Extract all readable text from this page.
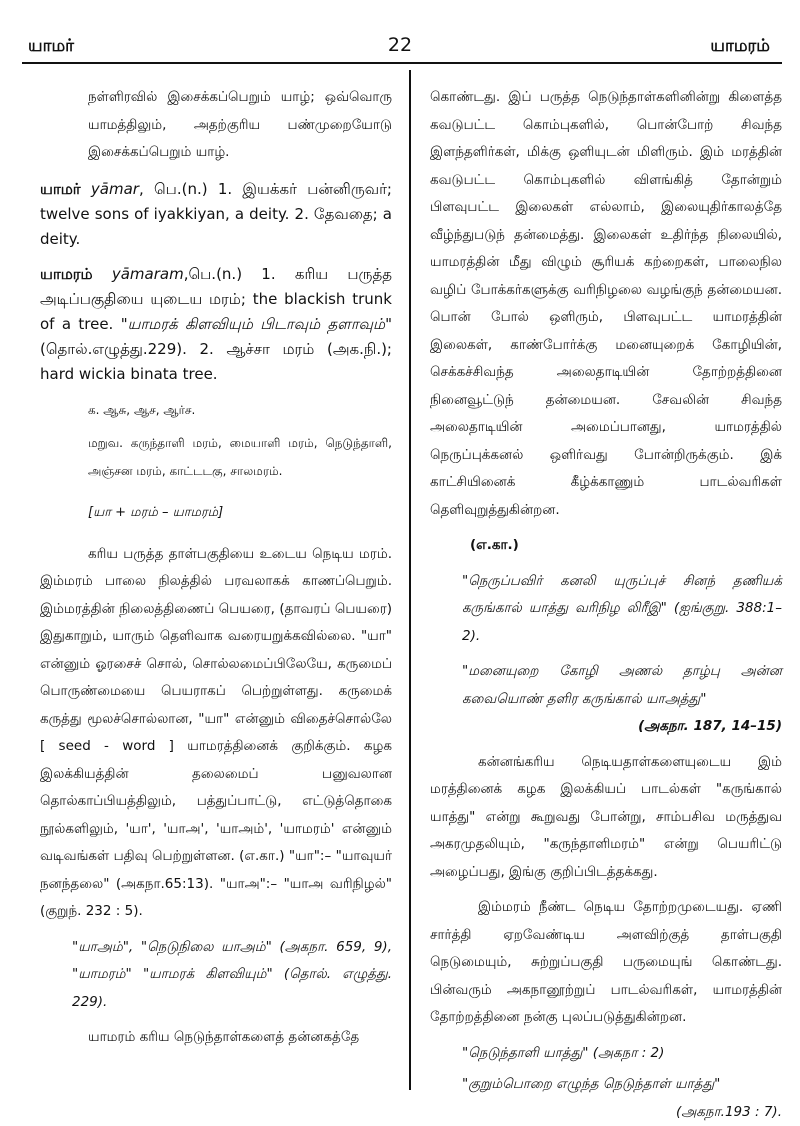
யாமர்	22	யாமரம்

நள்ளிரவில் இசைக்கப்பெறும் யாழ்; ஒவ்வொரு யாமத்திலும், அதற்குரிய பண்முறையோடு இசைக்கப்பெறும் யாழ்.

யாமர் yāmar, பெ.(n.) 1. இயக்கர் பன்னிருவர்; twelve sons of iyakkiyan, a deity. 2. தேவதை; a deity.

யாமரம் yāmaram,பெ.(n.) 1. கரிய பருத்த அடிப்பகுதியை யுடைய மரம்; the blackish trunk of a tree. "யாமரக் கிளவியும் பிடாவும் தளாவும்" (தொல்.எழுத்து.229). 2. ஆச்சா மரம் (அக.நி.); hard wickia binata tree.

க. ஆசு, ஆச, ஆர்ச.

மறுவ. கருந்தாளி மரம், மையாளி மரம், நெடுந்தாளி, அஞ்சன மரம், காட்டடகு, சாலமரம்.

[யா + மரம் – யாமரம்]

கரிய பருத்த தாள்பகுதியை உடைய நெடிய மரம். இம்மரம் பாலை நிலத்தில் பரவலாகக் காணப்பெறும். இம்மரத்தின் நிலைத்திணைப் பெயரை, (தாவரப் பெயரை) இதுகாறும், யாரும் தெளிவாக வரையறுக்கவில்லை. "யா" என்னும் ஓரசைச் சொல், சொல்லமைப்பிலேயே, கருமைப் பொருண்மையை பெயராகப் பெற்றுள்ளது. கருமைக் கருத்து மூலச்சொல்லான, "யா" என்னும் விதைச்சொல்லே [ seed - word ] யாமரத்தினைக் குறிக்கும். கழக இலக்கியத்தின் தலைமைப் பனுவலான தொல்காப்பியத்திலும், பத்துப்பாட்டு, எட்டுத்தொகை நூல்களிலும், 'யா', 'யாஅ', 'யாஅம்', 'யாமரம்' என்னும் வடிவங்கள் பதிவு பெற்றுள்ளன. (எ.கா.) "யா":– "யாவுயர் நனந்தலை" (அகநா.65:13). "யாஅ":– "யாஅ வரிநிழல்" (குறுந். 232 : 5).

"யாஅம்", "நெடுநிலை யாஅம்" (அகநா. 659, 9), "யாமரம்" "யாமரக் கிளவியும்" (தொல். எழுத்து. 229).

யாமரம் கரிய நெடுந்தாள்களைத் தன்னகத்தே

கொண்டது. இப் பருத்த நெடுந்தாள்களினின்று கிளைத்த கவடுபட்ட கொம்புகளில், பொன்போற் சிவந்த இளந்தளிர்கள், மிக்கு ஒளியுடன் மிளிரும். இம் மரத்தின் கவடுபட்ட கொம்புகளில் விளங்கித் தோன்றும் பிளவுபட்ட இலைகள் எல்லாம், இலையுதிர்காலத்தே வீழ்ந்துபடுந் தன்மைத்து. இலைகள் உதிர்ந்த நிலையில், யாமரத்தின் மீது விழும் சூரியக் கற்றைகள், பாலைநில வழிப் போக்கர்களுக்கு வரிநிழலை வழங்குந் தன்மையன. பொன் போல் ஒளிரும், பிளவுபட்ட யாமரத்தின் இலைகள், காண்போர்க்கு மனையுறைக் கோழியின், செக்கச்சிவந்த அலைதாடியின் தோற்றத்தினை நினைவூட்டுந் தன்மையன. சேவலின் சிவந்த அலைதாடியின் அமைப்பானது, யாமரத்தில் நெருப்புக்கனல் ஒளிர்வது போன்றிருக்கும். இக் காட்சியினைக் கீழ்க்காணும் பாடல்வரிகள் தெளிவுறுத்துகின்றன.

(எ.கா.)

"நெருப்பவிர் கனலி யுருப்புச் சினந் தணியக் கருங்கால் யாத்து வரிநிழ லிரீஇ" (ஐங்குறு. 388:1–2).

"மனையுறை கோழி அணல் தாழ்பு அன்ன கவையொண் தளிர கருங்கால் யாஅத்து"

(அகநா. 187, 14–15)

கன்னங்கரிய நெடியதாள்களையுடைய இம் மரத்தினைக் கழக இலக்கியப் பாடல்கள் "கருங்கால் யாத்து" என்று கூறுவது போன்று, சாம்பசிவ மருத்துவ அகரமுதலியும், "கருந்தாளிமரம்" என்று பெயரிட்டு அழைப்பது, இங்கு குறிப்பிடத்தக்கது.

இம்மரம் நீண்ட நெடிய தோற்றமுடையது. ஏணி சார்த்தி ஏறவேண்டிய அளவிற்குத் தாள்பகுதி நெடுமையும், சுற்றுப்பகுதி பருமையுங் கொண்டது. பின்வரும் அகநானூற்றுப் பாடல்வரிகள், யாமரத்தின் தோற்றத்தினை நன்கு புலப்படுத்துகின்றன.

"நெடுந்தாளி யாத்து" (அகநா : 2)

"குறும்பொறை எழுந்த நெடுந்தாள் யாத்து"

(அகநா.193 : 7).
